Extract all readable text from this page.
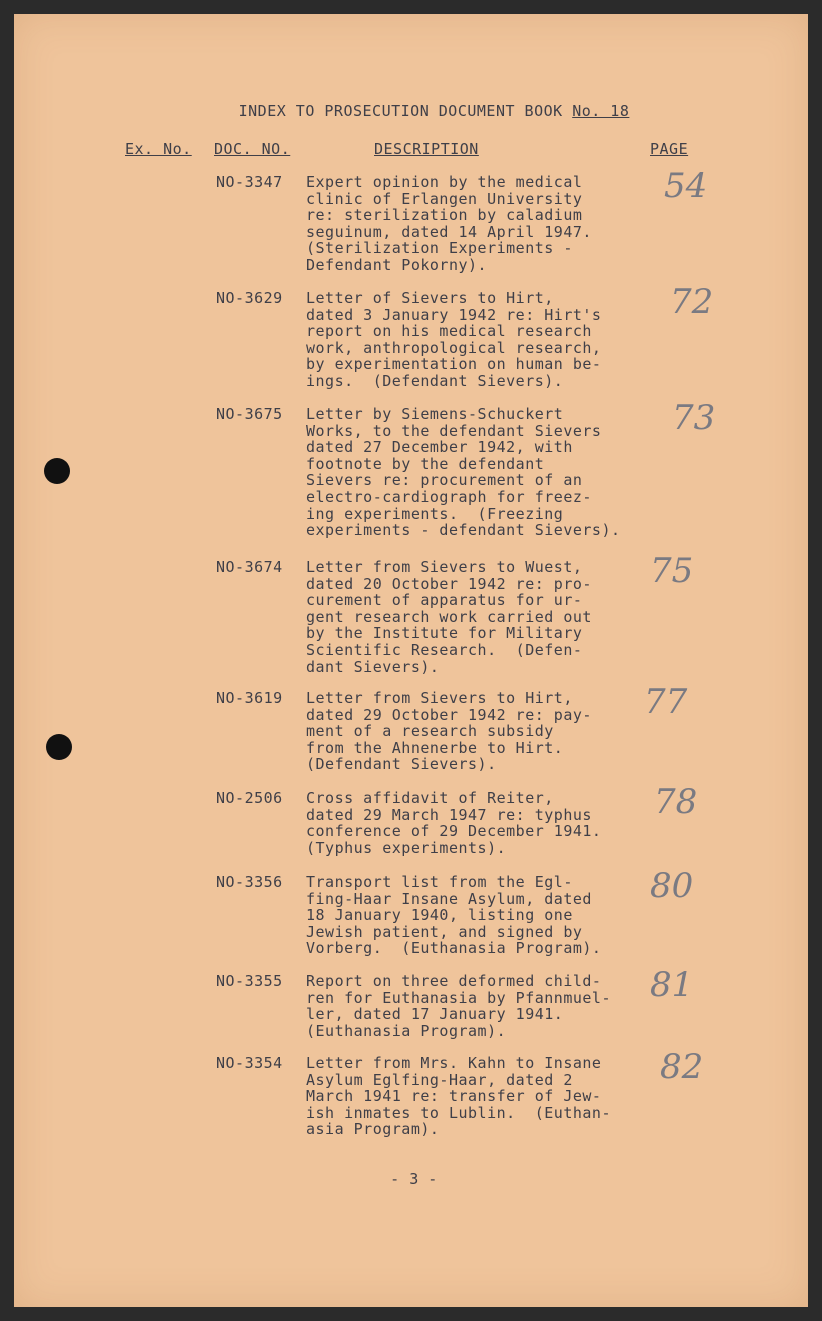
INDEX TO PROSECUTION DOCUMENT BOOK No. 18
Ex. No. DOC. NO.	DESCRIPTION	PAGE
NO-3347 Expert opinion by the medical
clinic of Erlangen University
re: sterilization by caladium
seguinum, dated 14 April 1947.
(Sterilization Experiments -
Defendant Pokorny).
54
NO-3629 Letter of Sievers to Hirt,
dated 3 January 1942 re: Hirt's
report on his medical research
work, anthropological research,
by experimentation on human be-
ings.  (Defendant Sievers).
72
NO-3675 Letter by Siemens-Schuckert
Works, to the defendant Sievers
dated 27 December 1942, with
footnote by the defendant
Sievers re: procurement of an
electro-cardiograph for freez-
ing experiments.  (Freezing
experiments - defendant Sievers).
73
NO-3674 Letter from Sievers to Wuest,
dated 20 October 1942 re: pro-
curement of apparatus for ur-
gent research work carried out
by the Institute for Military
Scientific Research.  (Defen-
dant Sievers).
75
NO-3619 Letter from Sievers to Hirt,
dated 29 October 1942 re: pay-
ment of a research subsidy
from the Ahnenerbe to Hirt.
(Defendant Sievers).
77
NO-2506 Cross affidavit of Reiter,
dated 29 March 1947 re: typhus
conference of 29 December 1941.
(Typhus experiments).
78
NO-3356 Transport list from the Egl-
fing-Haar Insane Asylum, dated
18 January 1940, listing one
Jewish patient, and signed by
Vorberg.  (Euthanasia Program).
80
NO-3355 Report on three deformed child-
ren for Euthanasia by Pfannmuel-
ler, dated 17 January 1941.
(Euthanasia Program).
81
NO-3354 Letter from Mrs. Kahn to Insane
Asylum Eglfing-Haar, dated 2
March 1941 re: transfer of Jew-
ish inmates to Lublin.  (Euthan-
asia Program).
82
- 3 -
